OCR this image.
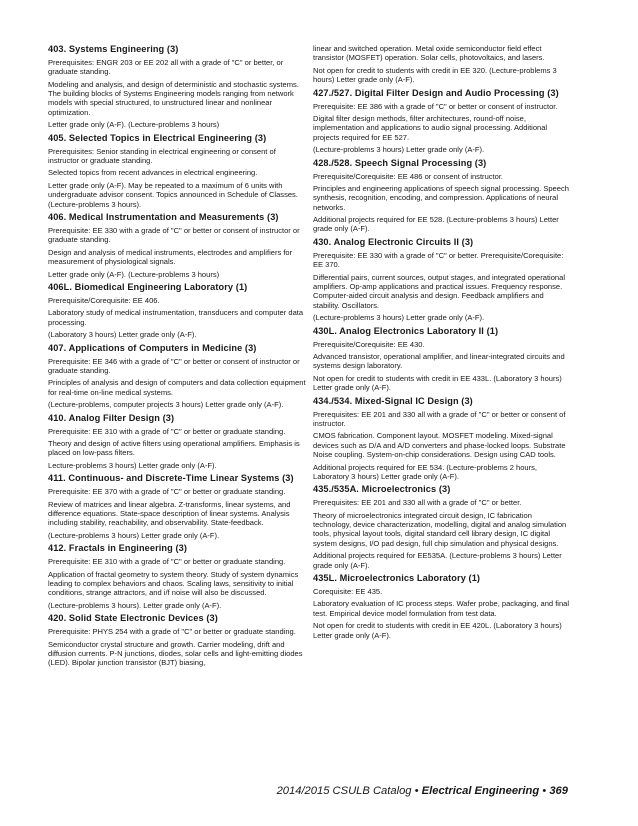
403. Systems Engineering (3)
Prerequisites: ENGR 203 or EE 202 all with a grade of "C" or better, or graduate standing.
Modeling and analysis, and design of deterministic and stochastic systems. The building blocks of Systems Engineering models ranging from network models with special structured, to unstructured linear and nonlinear optimization.
Letter grade only (A-F). (Lecture-problems 3 hours)
405. Selected Topics in Electrical Engineering (3)
Prerequisites: Senior standing in electrical engineering or consent of instructor or graduate standing.
Selected topics from recent advances in electrical engineering.
Letter grade only (A-F). May be repeated to a maximum of 6 units with undergraduate advisor consent. Topics announced in Schedule of Classes. (Lecture-problems 3 hours).
406. Medical Instrumentation and Measurements (3)
Prerequisite: EE 330 with a grade of "C" or better or consent of instructor or graduate standing.
Design and analysis of medical instruments, electrodes and amplifiers for measurement of physiological signals.
Letter grade only (A-F). (Lecture-problems 3 hours)
406L. Biomedical Engineering Laboratory (1)
Prerequisite/Corequisite: EE 406.
Laboratory study of medical instrumentation, transducers and computer data processing.
(Laboratory 3 hours) Letter grade only (A-F).
407. Applications of Computers in Medicine (3)
Prerequisite: EE 346 with a grade of "C" or better or consent of instructor or graduate standing.
Principles of analysis and design of computers and data collection equipment for real-time on-line medical systems.
(Lecture-problems, computer projects 3 hours) Letter grade only (A-F).
410. Analog Filter Design (3)
Prerequisite: EE 310 with a grade of "C" or better or graduate standing.
Theory and design of active filters using operational amplifiers. Emphasis is placed on low-pass filters.
Lecture-problems 3 hours) Letter grade only (A-F).
411. Continuous- and Discrete-Time Linear Systems (3)
Prerequisite: EE 370 with a grade of "C" or better or graduate standing.
Review of matrices and linear algebra. Z-transforms, linear systems, and difference equations. State-space description of linear systems. Analysis including stability, reachability, and observability. State-feedback.
(Lecture-problems 3 hours) Letter grade only (A-F).
412. Fractals in Engineering (3)
Prerequisite: EE 310 with a grade of "C" or better or graduate standing.
Application of fractal geometry to system theory. Study of system dynamics leading to complex behaviors and chaos. Scaling laws, sensitivity to initial conditions, strange attractors, and i/f noise will also be discussed.
(Lecture-problems 3 hours). Letter grade only (A-F).
420. Solid State Electronic Devices (3)
Prerequisite: PHYS 254 with a grade of "C" or better or graduate standing.
Semiconductor crystal structure and growth. Carrier modeling, drift and diffusion currents. P-N junctions, diodes, solar cells and light-emitting diodes (LED). Bipolar junction transistor (BJT) biasing,
linear and switched operation. Metal oxide semiconductor field effect transistor (MOSFET) operation. Solar cells, photovoltaics, and lasers.
Not open for credit to students with credit in EE 320. (Lecture-problems 3 hours) Letter grade only (A-F).
427./527. Digital Filter Design and Audio Processing (3)
Prerequisite: EE 386 with a grade of "C" or better or consent of instructor.
Digital filter design methods, filter architectures, round-off noise, implementation and applications to audio signal processing. Additional projects required for EE 527.
(Lecture-problems 3 hours) Letter grade only (A-F).
428./528. Speech Signal Processing (3)
Prerequisite/Corequisite: EE 486 or consent of instructor.
Principles and engineering applications of speech signal processing. Speech synthesis, recognition, encoding, and compression. Applications of neural networks.
Additional projects required for EE 528. (Lecture-problems 3 hours) Letter grade only (A-F).
430. Analog Electronic Circuits II (3)
Prerequisite: EE 330 with a grade of "C" or better. Prerequisite/Corequisite: EE 370.
Differential pairs, current sources, output stages, and integrated operational amplifiers. Op-amp applications and practical issues. Frequency response. Computer-aided circuit analysis and design. Feedback amplifiers and stability. Oscillators.
(Lecture-problems 3 hours) Letter grade only (A-F).
430L. Analog Electronics Laboratory II (1)
Prerequisite/Corequisite: EE 430.
Advanced transistor, operational amplifier, and linear-integrated circuits and systems design laboratory.
Not open for credit to students with credit in EE 433L. (Laboratory 3 hours) Letter grade only (A-F).
434./534. Mixed-Signal IC Design (3)
Prerequisites: EE 201 and 330 all with a grade of "C" or better or consent of instructor.
CMOS fabrication. Component layout. MOSFET modeling. Mixed-signal devices such as D/A and A/D converters and phase-locked loops. Substrate Noise coupling. System-on-chip considerations. Design using CAD tools.
Additional projects required for EE 534. (Lecture-problems 2 hours, Laboratory 3 hours) Letter grade only (A-F).
435./535A. Microelectronics (3)
Prerequisites: EE 201 and 330 all with a grade of "C" or better.
Theory of microelectronics integrated circuit design, IC fabrication technology, device characterization, modelling, digital and analog simulation tools, physical layout tools, digital standard cell library design, IC digital system designs, I/O pad design, full chip simulation and physical designs.
Additional projects required for EE535A. (Lecture-problems 3 hours) Letter grade only (A-F).
435L. Microelectronics Laboratory (1)
Corequisite: EE 435.
Laboratory evaluation of IC process steps. Wafer probe, packaging, and final test. Empirical device model formulation from test data.
Not open for credit to students with credit in EE 420L. (Laboratory 3 hours) Letter grade only (A-F).
2014/2015 CSULB Catalog • Electrical Engineering • 369
